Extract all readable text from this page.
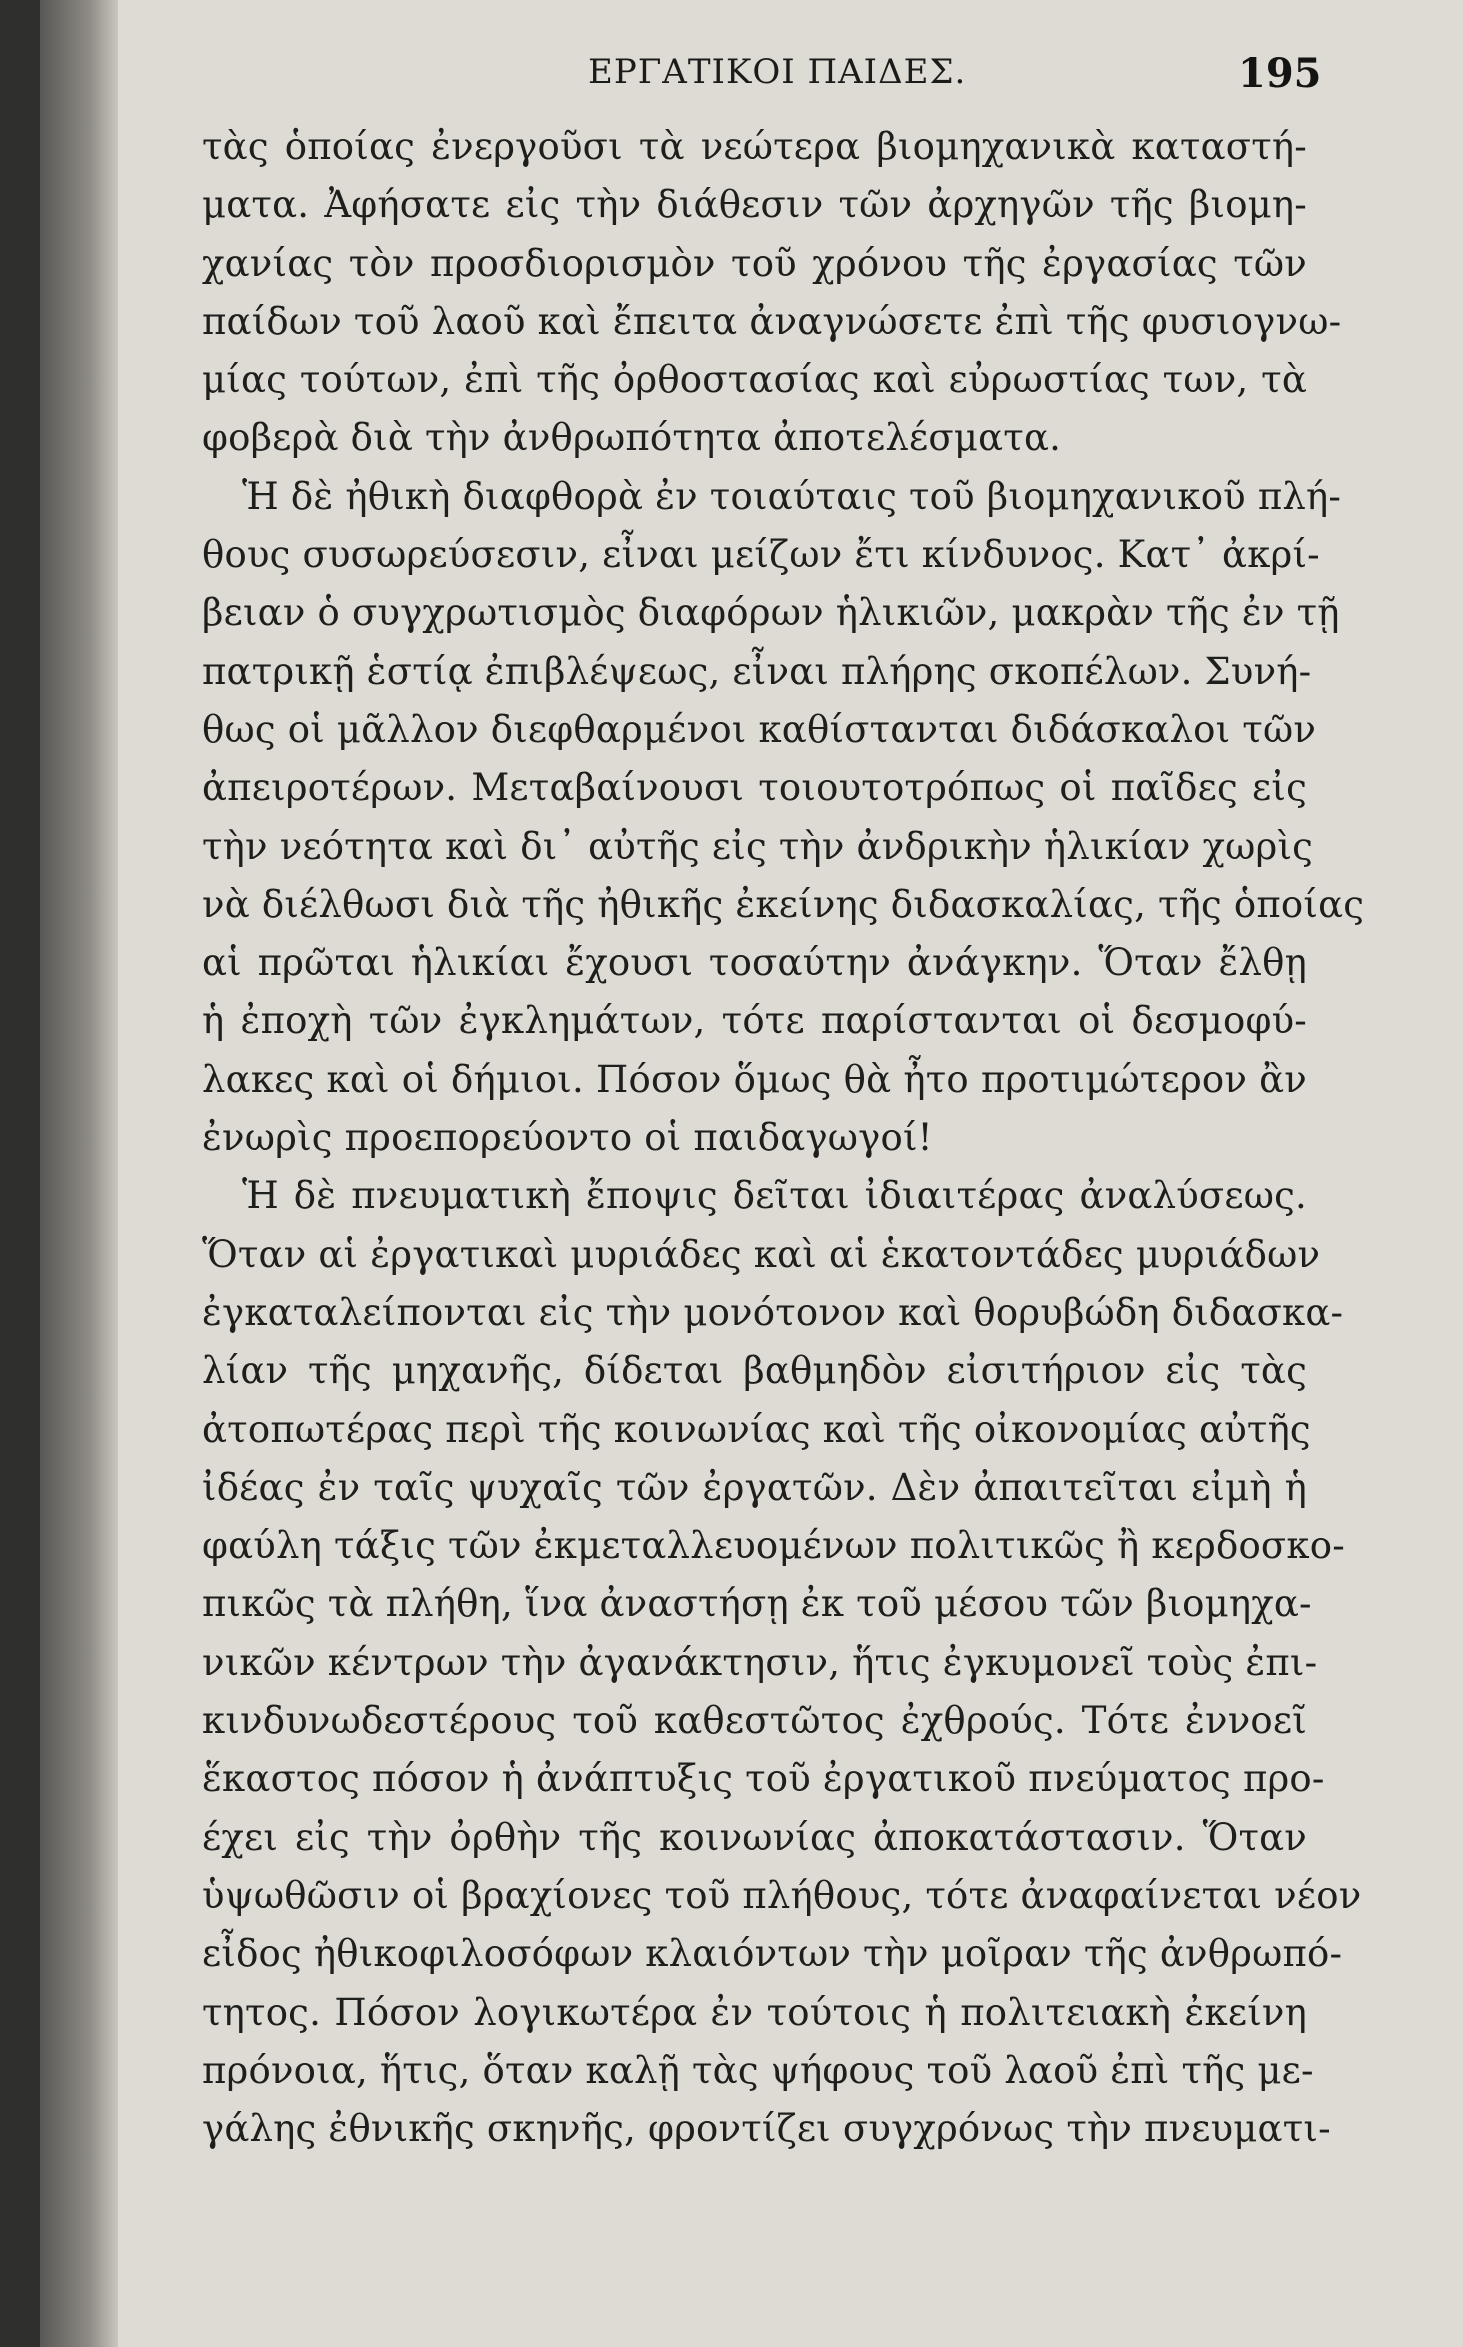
ΕΡΓΑΤΙΚΟΙ ΠΑΙΔΕΣ.	195
τὰς ὁποίας ἐνεργοῦσι τὰ νεώτερα βιομηχανικὰ καταστή-
ματα. Ἀφήσατε εἰς τὴν διάθεσιν τῶν ἀρχηγῶν τῆς βιομη-
χανίας τὸν προσδιορισμὸν τοῦ χρόνου τῆς ἐργασίας τῶν
παίδων τοῦ λαοῦ καὶ ἔπειτα ἀναγνώσετε ἐπὶ τῆς φυσιογνω-
μίας τούτων, ἐπὶ τῆς ὀρθοστασίας καὶ εὐρωστίας των, τὰ
φοβερὰ διὰ τὴν ἀνθρωπότητα ἀποτελέσματα.
Ἡ δὲ ἠθικὴ διαφθορὰ ἐν τοιαύταις τοῦ βιομηχανικοῦ πλή-
θους συσωρεύσεσιν, εἶναι μείζων ἔτι κίνδυνος. Κατ᾽ ἀκρί-
βειαν ὁ συγχρωτισμὸς διαφόρων ἡλικιῶν, μακρὰν τῆς ἐν τῇ
πατρικῇ ἑστίᾳ ἐπιβλέψεως, εἶναι πλήρης σκοπέλων. Συνή-
θως οἱ μᾶλλον διεφθαρμένοι καθίστανται διδάσκαλοι τῶν
ἀπειροτέρων. Μεταβαίνουσι τοιουτοτρόπως οἱ παῖδες εἰς
τὴν νεότητα καὶ δι᾽ αὐτῆς εἰς τὴν ἀνδρικὴν ἡλικίαν χωρὶς
νὰ διέλθωσι διὰ τῆς ἠθικῆς ἐκείνης διδασκαλίας, τῆς ὁποίας
αἱ πρῶται ἡλικίαι ἔχουσι τοσαύτην ἀνάγκην. Ὅταν ἔλθῃ
ἡ ἐποχὴ τῶν ἐγκλημάτων, τότε παρίστανται οἱ δεσμοφύ-
λακες καὶ οἱ δήμιοι. Πόσον ὅμως θὰ ἦτο προτιμώτερον ἂν
ἐνωρὶς προεπορεύοντο οἱ παιδαγωγοί!
Ἡ δὲ πνευματικὴ ἔποψις δεῖται ἰδιαιτέρας ἀναλύσεως.
Ὅταν αἱ ἐργατικαὶ μυριάδες καὶ αἱ ἑκατοντάδες μυριάδων
ἐγκαταλείπονται εἰς τὴν μονότονον καὶ θορυβώδη διδασκα-
λίαν τῆς μηχανῆς, δίδεται βαθμηδὸν εἰσιτήριον εἰς τὰς
ἀτοπωτέρας περὶ τῆς κοινωνίας καὶ τῆς οἰκονομίας αὐτῆς
ἰδέας ἐν ταῖς ψυχαῖς τῶν ἐργατῶν. Δὲν ἀπαιτεῖται εἰμὴ ἡ
φαύλη τάξις τῶν ἐκμεταλλευομένων πολιτικῶς ἢ κερδοσκο-
πικῶς τὰ πλήθη, ἵνα ἀναστήσῃ ἐκ τοῦ μέσου τῶν βιομηχα-
νικῶν κέντρων τὴν ἀγανάκτησιν, ἥτις ἐγκυμονεῖ τοὺς ἐπι-
κινδυνωδεστέρους τοῦ καθεστῶτος ἐχθρούς. Τότε ἐννοεῖ
ἕκαστος πόσον ἡ ἀνάπτυξις τοῦ ἐργατικοῦ πνεύματος προ-
έχει εἰς τὴν ὀρθὴν τῆς κοινωνίας ἀποκατάστασιν. Ὅταν
ὑψωθῶσιν οἱ βραχίονες τοῦ πλήθους, τότε ἀναφαίνεται νέον
εἶδος ἠθικοφιλοσόφων κλαιόντων τὴν μοῖραν τῆς ἀνθρωπό-
τητος. Πόσον λογικωτέρα ἐν τούτοις ἡ πολιτειακὴ ἐκείνη
πρόνοια, ἥτις, ὅταν καλῇ τὰς ψήφους τοῦ λαοῦ ἐπὶ τῆς με-
γάλης ἐθνικῆς σκηνῆς, φροντίζει συγχρόνως τὴν πνευματι-
